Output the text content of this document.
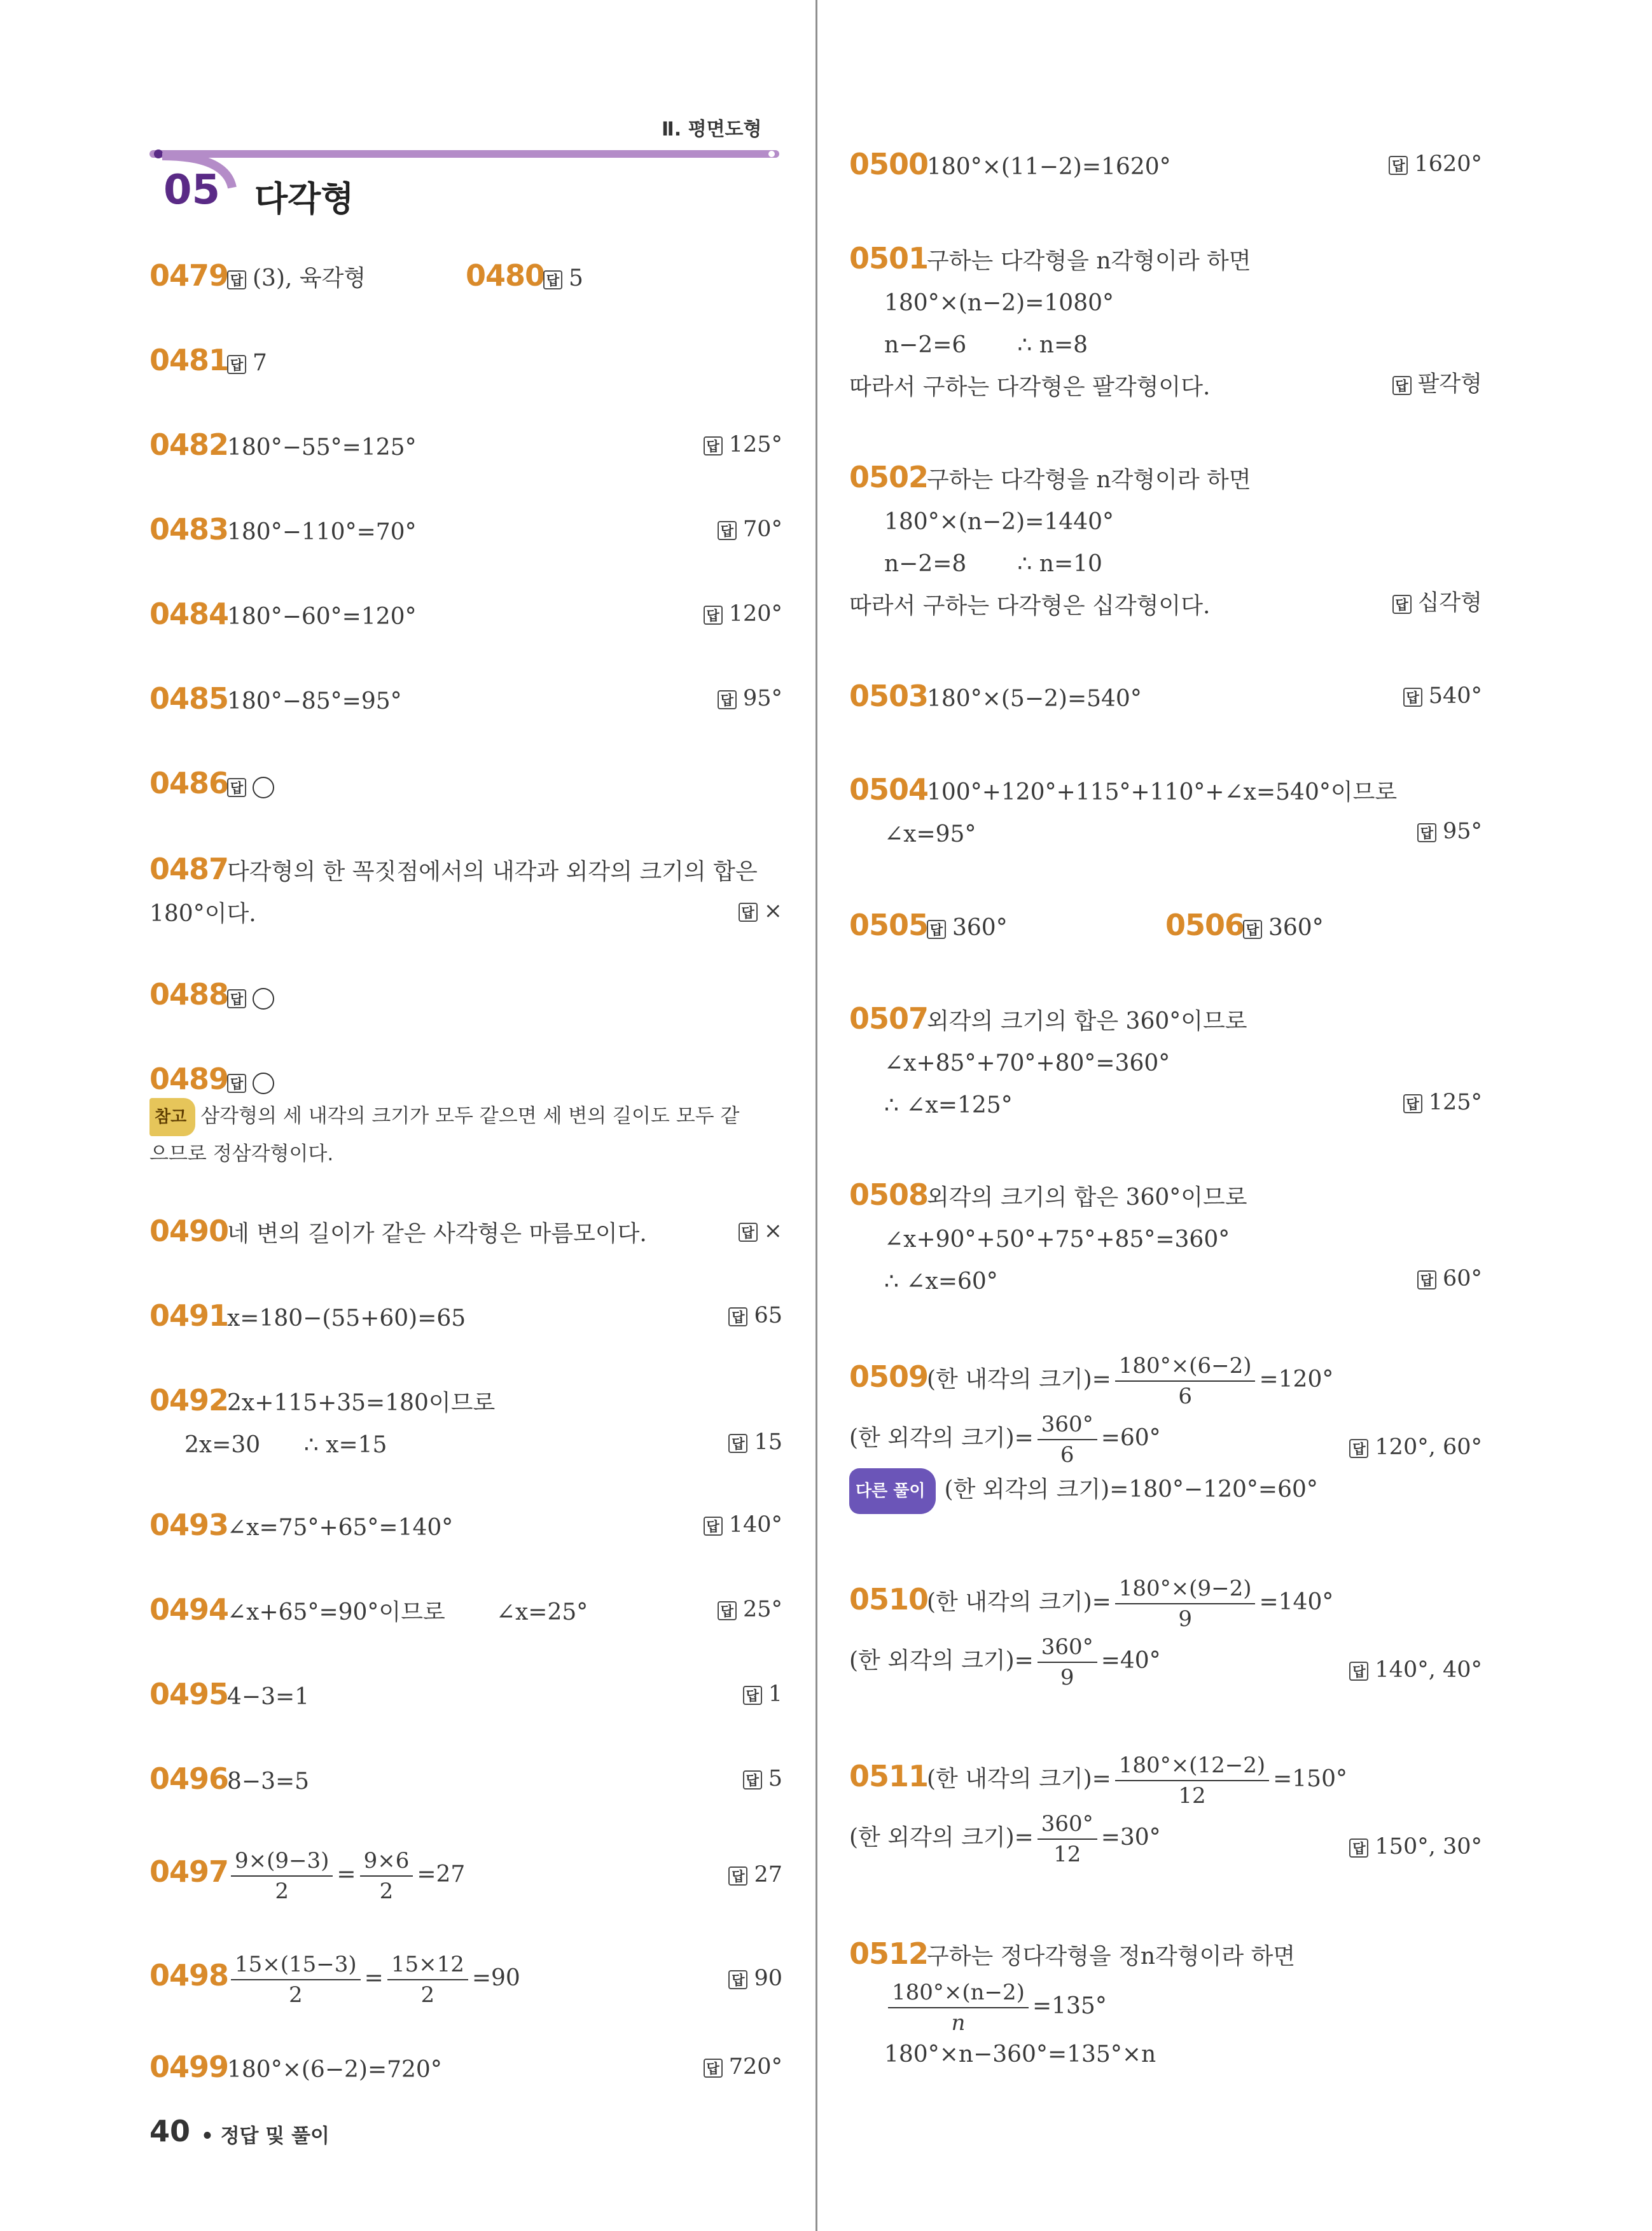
Ⅱ. 평면도형
05 다각형
0479 답 (3), 육각형	0480 답 5
0481 답 7
0482180°−55°=125°	답 125°
0483180°−110°=70°	답 70°
0484180°−60°=120°	답 120°
0485180°−85°=95°	답 95°
0486 답
0487다각형의 한 꼭짓점에서의 내각과 외각의 크기의 합은
180°이다.	답 ×
0488 답
0489 답
참고 삼각형의 세 내각의 크기가 모두 같으면 세 변의 길이도 모두 같
으므로 정삼각형이다.
0490네 변의 길이가 같은 사각형은 마름모이다.	답 ×
0491x=180−(55+60)=65	답 65
04922x+115+35=180이므로
2x=30      ∴ x=15	답 15
0493∠x=75°+65°=140°	답 140°
0494∠x+65°=90°이므로       ∠x=25°	답 25°
04954−3=1	답 1
04968−3=5	답 5
$0497 \frac{9\times(9-3)}{2} = \frac{9\times 6}{2} =27$	답 27
$0498 \frac{15\times(15-3)}{2} = \frac{15\times 12}{2} =90$	답 90
0499180°×(6−2)=720°	답 720°
0500180°×(11−2)=1620°	답 1620°
0501구하는 다각형을 n각형이라 하면
180°×(n−2)=1080°
n−2=6       ∴ n=8
따라서 구하는 다각형은 팔각형이다.	답 팔각형
0502구하는 다각형을 n각형이라 하면
180°×(n−2)=1440°
n−2=8       ∴ n=10
따라서 구하는 다각형은 십각형이다.	답 십각형
0503180°×(5−2)=540°	답 540°
0504100°+120°+115°+110°+∠x=540°이므로
∠x=95°	답 95°
0505 답 360°	0506 답 360°
0507외각의 크기의 합은 360°이므로
∠x+85°+70°+80°=360°
∴ ∠x=125°	답 125°
0508외각의 크기의 합은 360°이므로
∠x+90°+50°+75°+85°=360°
∴ ∠x=60°	답 60°
0509(한 내각의 크기)= $\frac{180^\circ\times(6-2)}{6} =120^\circ$
(한 외각의 크기)= $\frac{360^\circ}{6} =60^\circ$	답 120°, 60°
다른 풀이 (한 외각의 크기)=180°−120°=60°
0510(한 내각의 크기)= $\frac{180^\circ\times(9-2)}{9} =140^\circ$
(한 외각의 크기)= $\frac{360^\circ}{9} =40^\circ$	답 140°, 40°
0511(한 내각의 크기)= $\frac{180^\circ\times(12-2)}{12} =150^\circ$
(한 외각의 크기)= $\frac{360^\circ}{12} =30^\circ$	답 150°, 30°
0512구하는 정다각형을 정n각형이라 하면
$\frac{180^\circ\times(n-2)}{n} =135^\circ$
180°×n−360°=135°×n
40 • 정답 및 풀이
